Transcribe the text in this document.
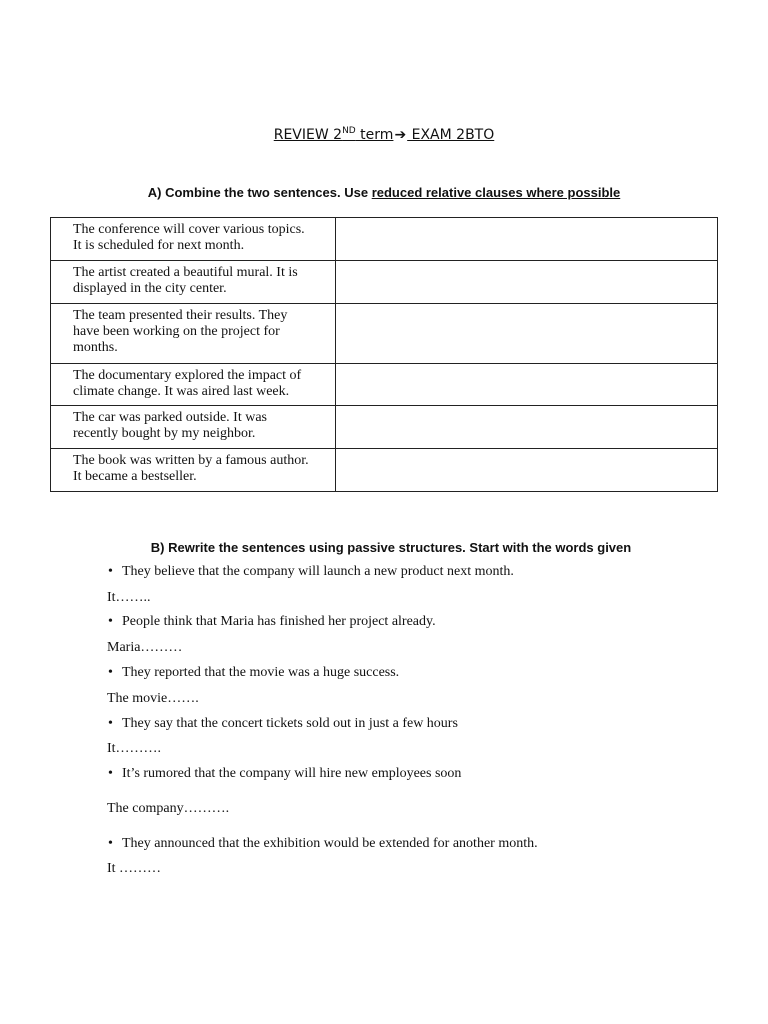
REVIEW 2ND term➔ EXAM 2BTO
A) Combine the two sentences. Use reduced relative clauses where possible
The conference will cover various topics.
It is scheduled for next month.	
The artist created a beautiful mural. It is
displayed in the city center.	
The team presented their results. They
have been working on the project for
months.	
The documentary explored the impact of
climate change. It was aired last week.	
The car was parked outside. It was
recently bought by my neighbor.	
The book was written by a famous author.
It became a bestseller.	
B) Rewrite the sentences using passive structures. Start with the words given
• They believe that the company will launch a new product next month.
It……..
• People think that Maria has finished her project already.
Maria………
• They reported that the movie was a huge success.
The movie…….
• They say that the concert tickets sold out in just a few hours
It……….
• It’s rumored that the company will hire new employees soon
The company……….
• They announced that the exhibition would be extended for another month.
It ………
